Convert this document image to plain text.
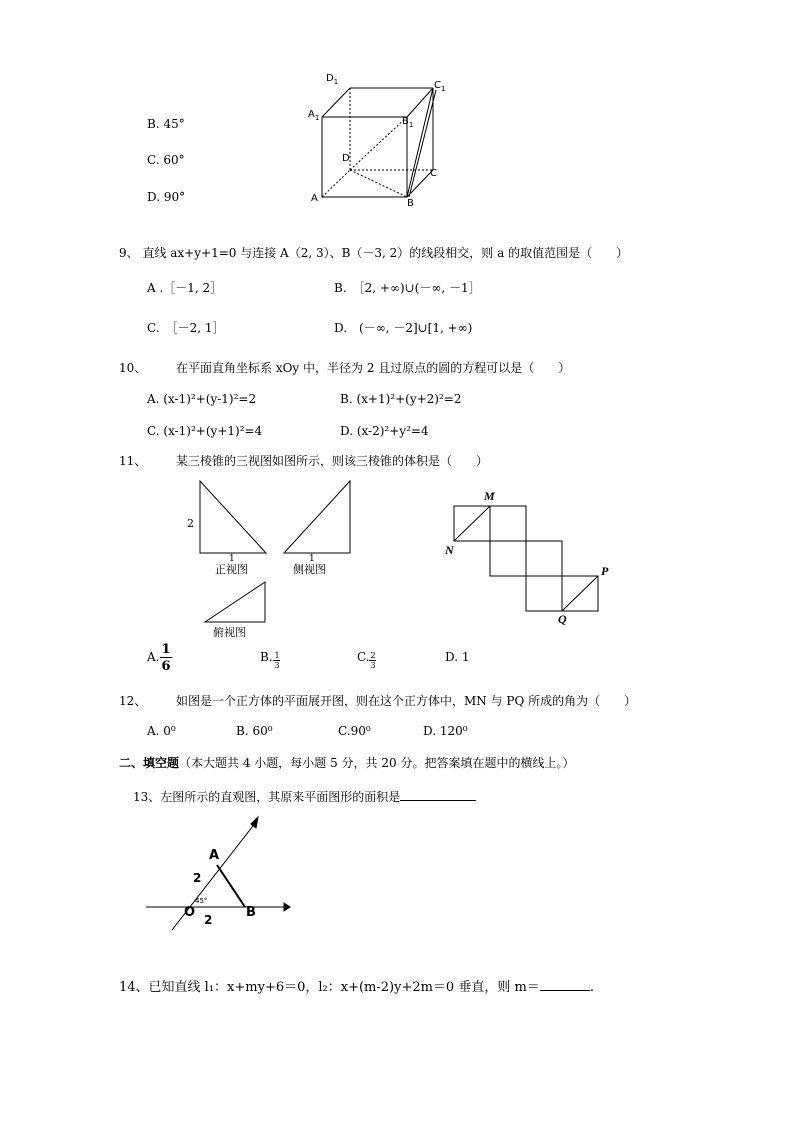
B. 45°
C. 60°
D. 90°
$D_1$	$C_1$
$A_1$	$B_1$
D
C
A	B
9、 直线 ax+y+1=0 与连接 A（2, 3）、B（－3, 2）的线段相交，则 a 的取值范围是（　　）
A .［－1, 2］	B.　［2, +∞)∪(－∞, －1］
C.　［－2, 1］	D.　(－∞, －2]∪[1, +∞)
10、 在平面直角坐标系 xOy 中，半径为 2 且过原点的圆的方程可以是（　　）
A. (x-1)²+(y-1)²=2	B. (x+1)²+(y+2)²=2
C. (x-1)²+(y+1)²=4	D. (x-2)²+y²=4
11、 某三棱锥的三视图如图所示，则该三棱锥的体积是（　　）
2
1	1
正视图	侧视图
俯视图
M
N
P
Q
A. 1
6
B. 1
3
C. 2
3
D. 1
12、 如图是一个正方体的平面展开图，则在这个正方体中，MN 与 PQ 所成的角为（　　）
A. 0⁰	B. 60⁰	C.90⁰	D. 120⁰
二、填空题（本大题共 4 小题，每小题 5 分，共 20 分。把答案填在题中的横线上。）
13、左图所示的直观图，其原来平面图形的面积是
A
2
45°
O	B
2
14、已知直线 l₁：x+my+6＝0，l₂：x+(m-2)y+2m＝0 垂直，则 m＝	.
